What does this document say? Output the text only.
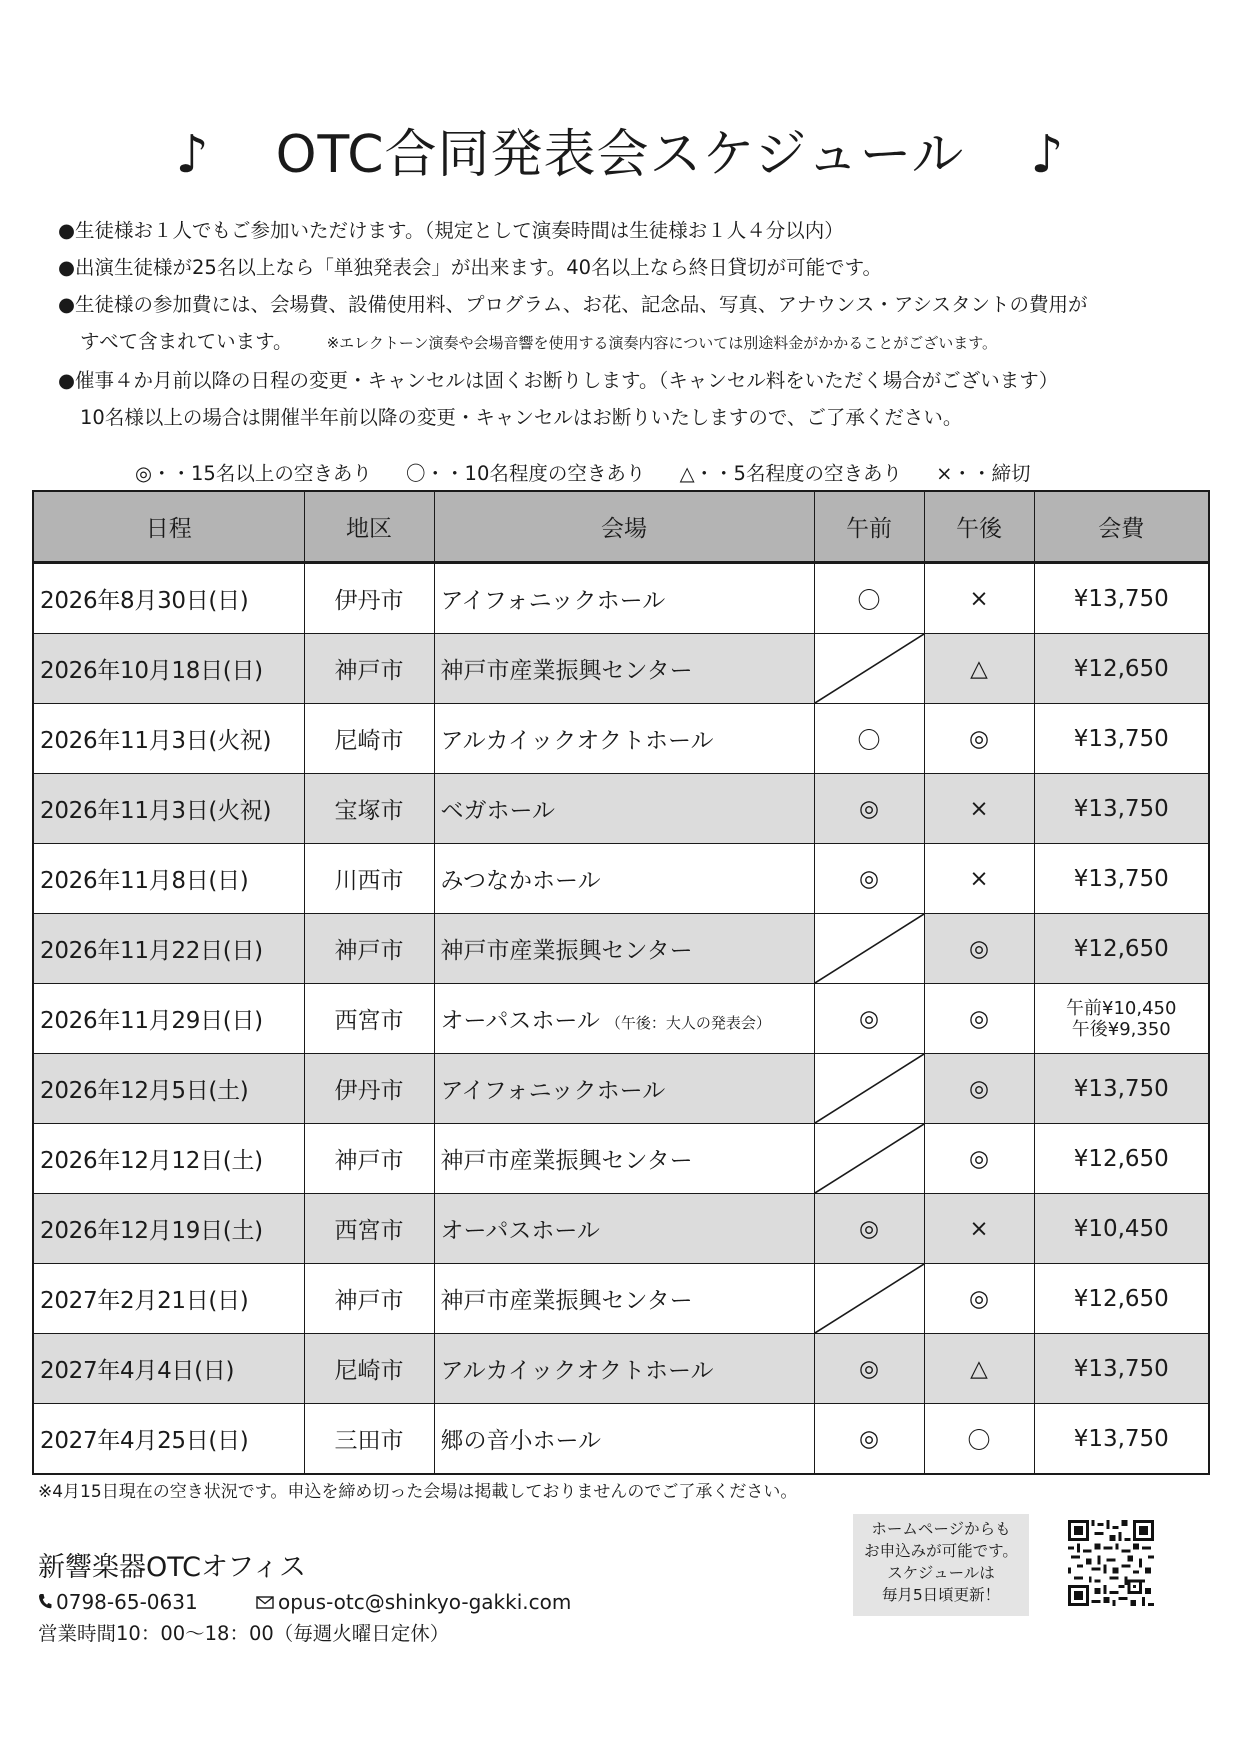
♪ OTC合同発表会スケジュール ♪
●生徒様お１人でもご参加いただけます。（規定として演奏時間は生徒様お１人４分以内）
●出演生徒様が25名以上なら「単独発表会」が出来ます。40名以上なら終日貸切が可能です。
●生徒様の参加費には、会場費、設備使用料、プログラム、お花、記念品、写真、アナウンス・アシスタントの費用が
すべて含まれています。 ※エレクトーン演奏や会場音響を使用する演奏内容については別途料金がかかることがございます。
●催事４か月前以降の日程の変更・キャンセルは固くお断りします。（キャンセル料をいただく場合がございます）
10名様以上の場合は開催半年前以降の変更・キャンセルはお断りいたしますので、ご了承ください。
◎・・15名以上の空きあり 〇・・10名程度の空きあり △・・5名程度の空きあり ×・・締切
日程	地区	会場	午前	午後	会費
2026年8月30日(日)	伊丹市	アイフォニックホール	〇	×	¥13,750
2026年10月18日(日)	神戸市	神戸市産業振興センター		△	¥12,650
2026年11月3日(火祝)	尼崎市	アルカイックオクトホール	〇	◎	¥13,750
2026年11月3日(火祝)	宝塚市	ベガホール	◎	×	¥13,750
2026年11月8日(日)	川西市	みつなかホール	◎	×	¥13,750
2026年11月22日(日)	神戸市	神戸市産業振興センター		◎	¥12,650
2026年11月29日(日)	西宮市	オーパスホール （午後：大人の発表会）	◎	◎	午前¥10,450
午後¥9,350

2026年12月5日(土)	伊丹市	アイフォニックホール		◎	¥13,750
2026年12月12日(土)	神戸市	神戸市産業振興センター		◎	¥12,650
2026年12月19日(土)	西宮市	オーパスホール	◎	×	¥10,450
2027年2月21日(日)	神戸市	神戸市産業振興センター		◎	¥12,650
2027年4月4日(日)	尼崎市	アルカイックオクトホール	◎	△	¥13,750
2027年4月25日(日)	三田市	郷の音小ホール	◎	〇	¥13,750
※4月15日現在の空き状況です。申込を締め切った会場は掲載しておりませんのでご了承ください。
新響楽器OTCオフィス
0798-65-0631	opus-otc@shinkyo-gakki.com
営業時間10：00～18：00（毎週火曜日定休）
ホームページからも
お申込みが可能です。
スケジュールは
毎月5日頃更新！
